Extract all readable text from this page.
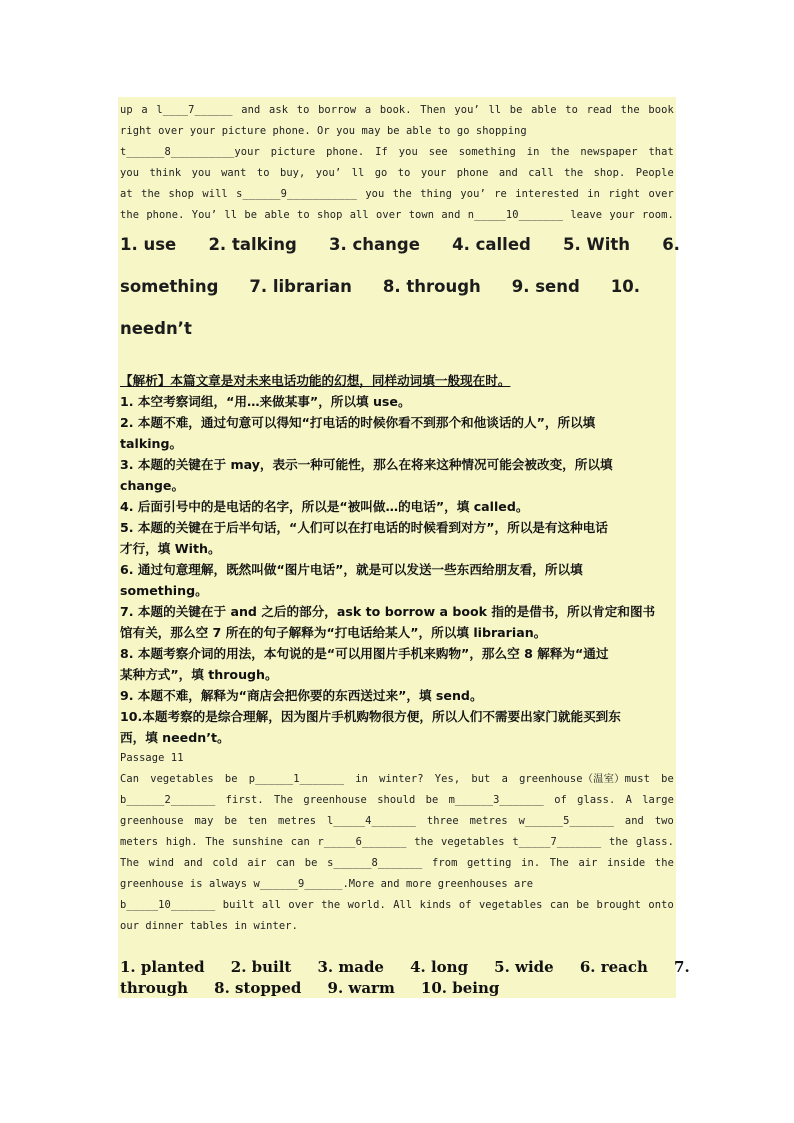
up a l____7______ and ask to borrow a book. Then you’ ll be able to read the book
right over your picture phone. Or you may be able to go shopping
t______8__________your picture phone. If you see something in the newspaper that
you think you want to buy, you’ ll go to your phone and call the shop. People
at the shop will s______9___________ you the thing you’ re interested in right over
the phone. You’ ll be able to shop all over town and n_____10_______ leave your room.
1. use 2. talking 3. change 4. called 5. With 6.
something 7. librarian 8. through 9. send 10.
needn’t
【解析】本篇文章是对未来电话功能的幻想，同样动词填一般现在时。
1. 本空考察词组，“用…来做某事”，所以填 use。
2. 本题不难，通过句意可以得知“打电话的时候你看不到那个和他谈话的人”，所以填
talking。
3. 本题的关键在于 may，表示一种可能性，那么在将来这种情况可能会被改变，所以填
change。
4. 后面引号中的是电话的名字，所以是“被叫做…的电话”，填 called。
5. 本题的关键在于后半句话，“人们可以在打电话的时候看到对方”，所以是有这种电话
才行，填 With。
6. 通过句意理解，既然叫做“图片电话”，就是可以发送一些东西给朋友看，所以填
something。
7. 本题的关键在于 and 之后的部分，ask to borrow a book 指的是借书，所以肯定和图书
馆有关，那么空 7 所在的句子解释为“打电话给某人”，所以填 librarian。
8. 本题考察介词的用法，本句说的是“可以用图片手机来购物”，那么空 8 解释为“通过
某种方式”，填 through。
9. 本题不难，解释为“商店会把你要的东西送过来”，填 send。
10.本题考察的是综合理解，因为图片手机购物很方便，所以人们不需要出家门就能买到东
西，填 needn’t。
Passage 11
Can vegetables be p______1_______ in winter? Yes, but a greenhouse（温室）must be
b______2_______ first. The greenhouse should be m______3_______ of glass. A large
greenhouse may be ten metres l_____4_______ three metres w______5_______ and two
meters high. The sunshine can r_____6_______ the vegetables t_____7_______ the glass.
The wind and cold air can be s______8_______ from getting in. The air inside the
greenhouse is always w______9______.More and more greenhouses are
b_____10_______ built all over the world. All kinds of vegetables can be brought onto
our dinner tables in winter.
1. planted     2. built     3. made     4. long     5. wide     6. reach     7.
through     8. stopped     9. warm     10. being
